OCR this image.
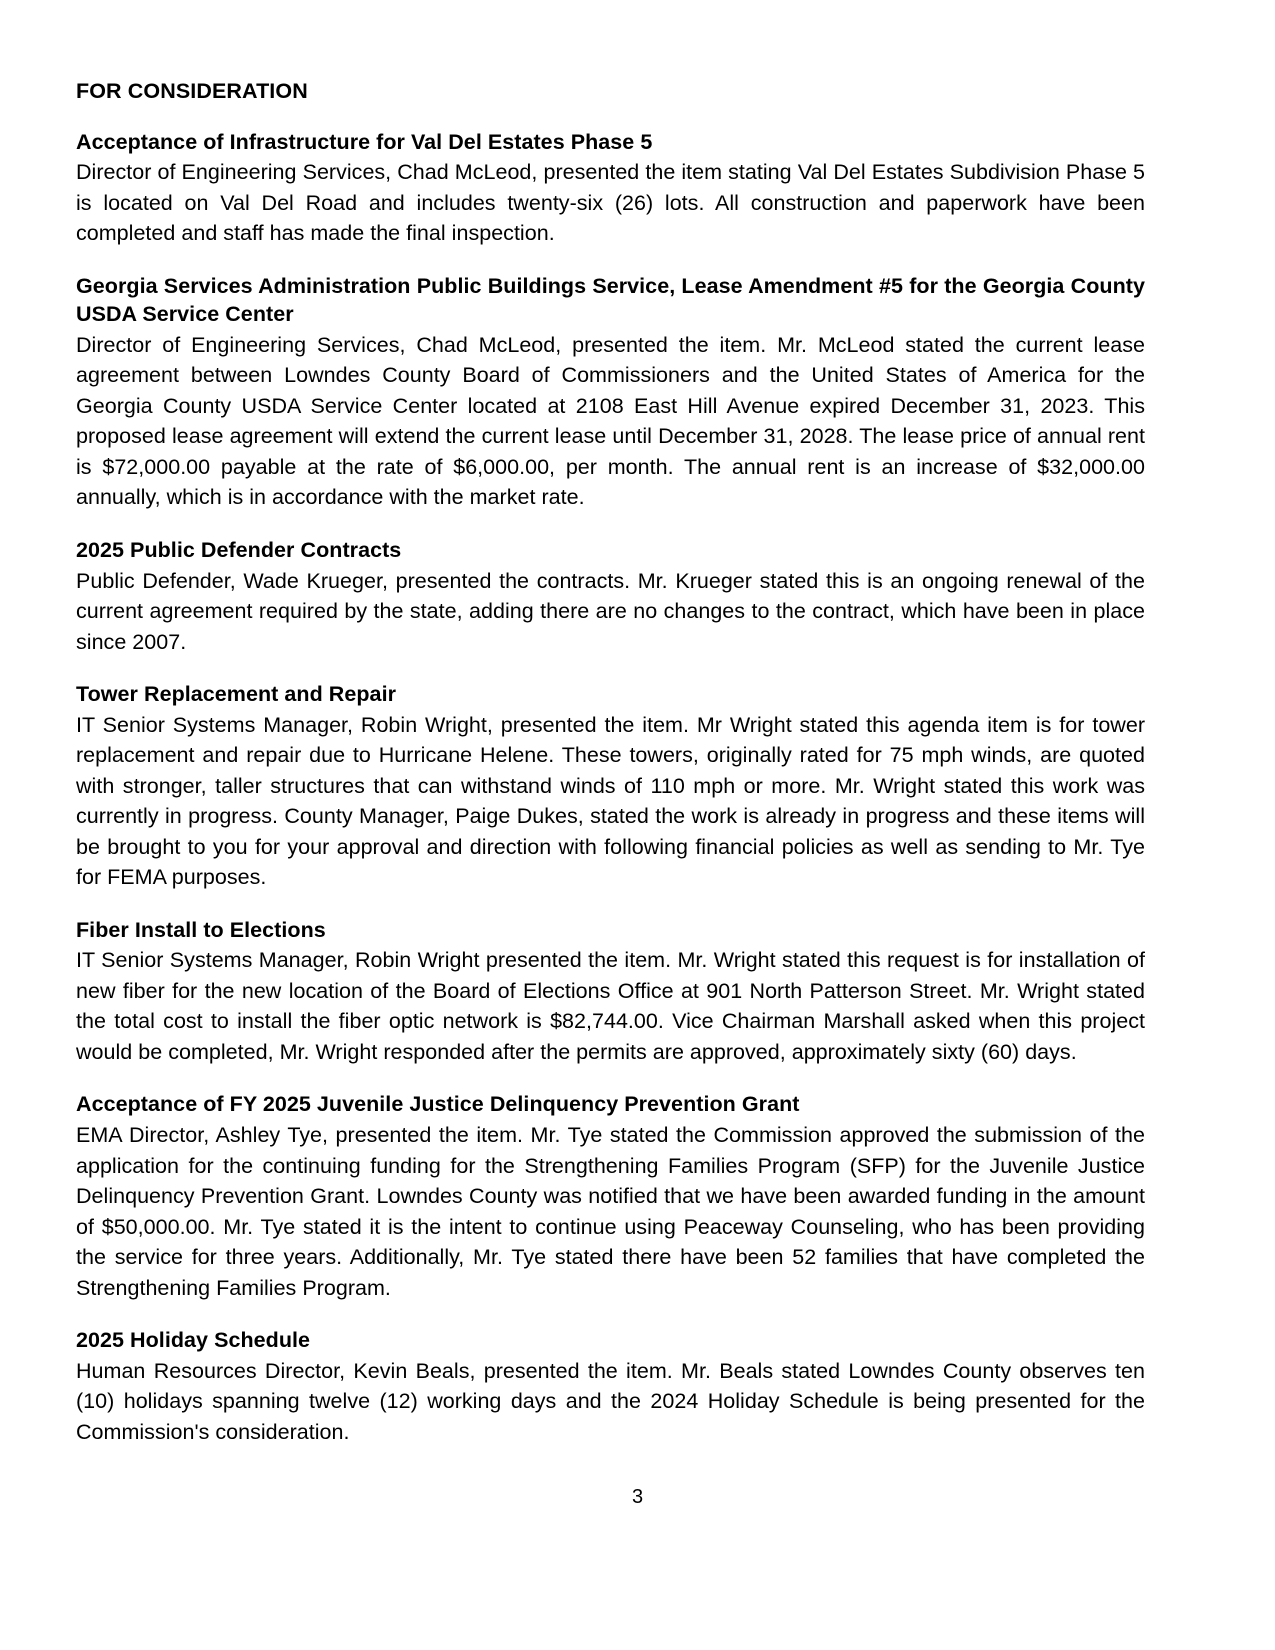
FOR CONSIDERATION
Acceptance of Infrastructure for Val Del Estates Phase 5

Director of Engineering Services, Chad McLeod, presented the item stating Val Del Estates Subdivision Phase 5 is located on Val Del Road and includes twenty-six (26) lots. All construction and paperwork have been completed and staff has made the final inspection.

Georgia Services Administration Public Buildings Service, Lease Amendment #5 for the Georgia County USDA Service Center

Director of Engineering Services, Chad McLeod, presented the item. Mr. McLeod stated the current lease agreement between Lowndes County Board of Commissioners and the United States of America for the Georgia County USDA Service Center located at 2108 East Hill Avenue expired December 31, 2023. This proposed lease agreement will extend the current lease until December 31, 2028. The lease price of annual rent is $72,000.00 payable at the rate of $6,000.00, per month. The annual rent is an increase of $32,000.00 annually, which is in accordance with the market rate.

2025 Public Defender Contracts

Public Defender, Wade Krueger, presented the contracts. Mr. Krueger stated this is an ongoing renewal of the current agreement required by the state, adding there are no changes to the contract, which have been in place since 2007.

Tower Replacement and Repair

IT Senior Systems Manager, Robin Wright, presented the item. Mr Wright stated this agenda item is for tower replacement and repair due to Hurricane Helene. These towers, originally rated for 75 mph winds, are quoted with stronger, taller structures that can withstand winds of 110 mph or more. Mr. Wright stated this work was currently in progress. County Manager, Paige Dukes, stated the work is already in progress and these items will be brought to you for your approval and direction with following financial policies as well as sending to Mr. Tye for FEMA purposes.

Fiber Install to Elections

IT Senior Systems Manager, Robin Wright presented the item. Mr. Wright stated this request is for installation of new fiber for the new location of the Board of Elections Office at 901 North Patterson Street. Mr. Wright stated the total cost to install the fiber optic network is $82,744.00. Vice Chairman Marshall asked when this project would be completed, Mr. Wright responded after the permits are approved, approximately sixty (60) days.

Acceptance of FY 2025 Juvenile Justice Delinquency Prevention Grant

EMA Director, Ashley Tye, presented the item. Mr. Tye stated the Commission approved the submission of the application for the continuing funding for the Strengthening Families Program (SFP) for the Juvenile Justice Delinquency Prevention Grant. Lowndes County was notified that we have been awarded funding in the amount of $50,000.00. Mr. Tye stated it is the intent to continue using Peaceway Counseling, who has been providing the service for three years. Additionally, Mr. Tye stated there have been 52 families that have completed the Strengthening Families Program.

2025 Holiday Schedule

Human Resources Director, Kevin Beals, presented the item. Mr. Beals stated Lowndes County observes ten (10) holidays spanning twelve (12) working days and the 2024 Holiday Schedule is being presented for the Commission's consideration.

3
